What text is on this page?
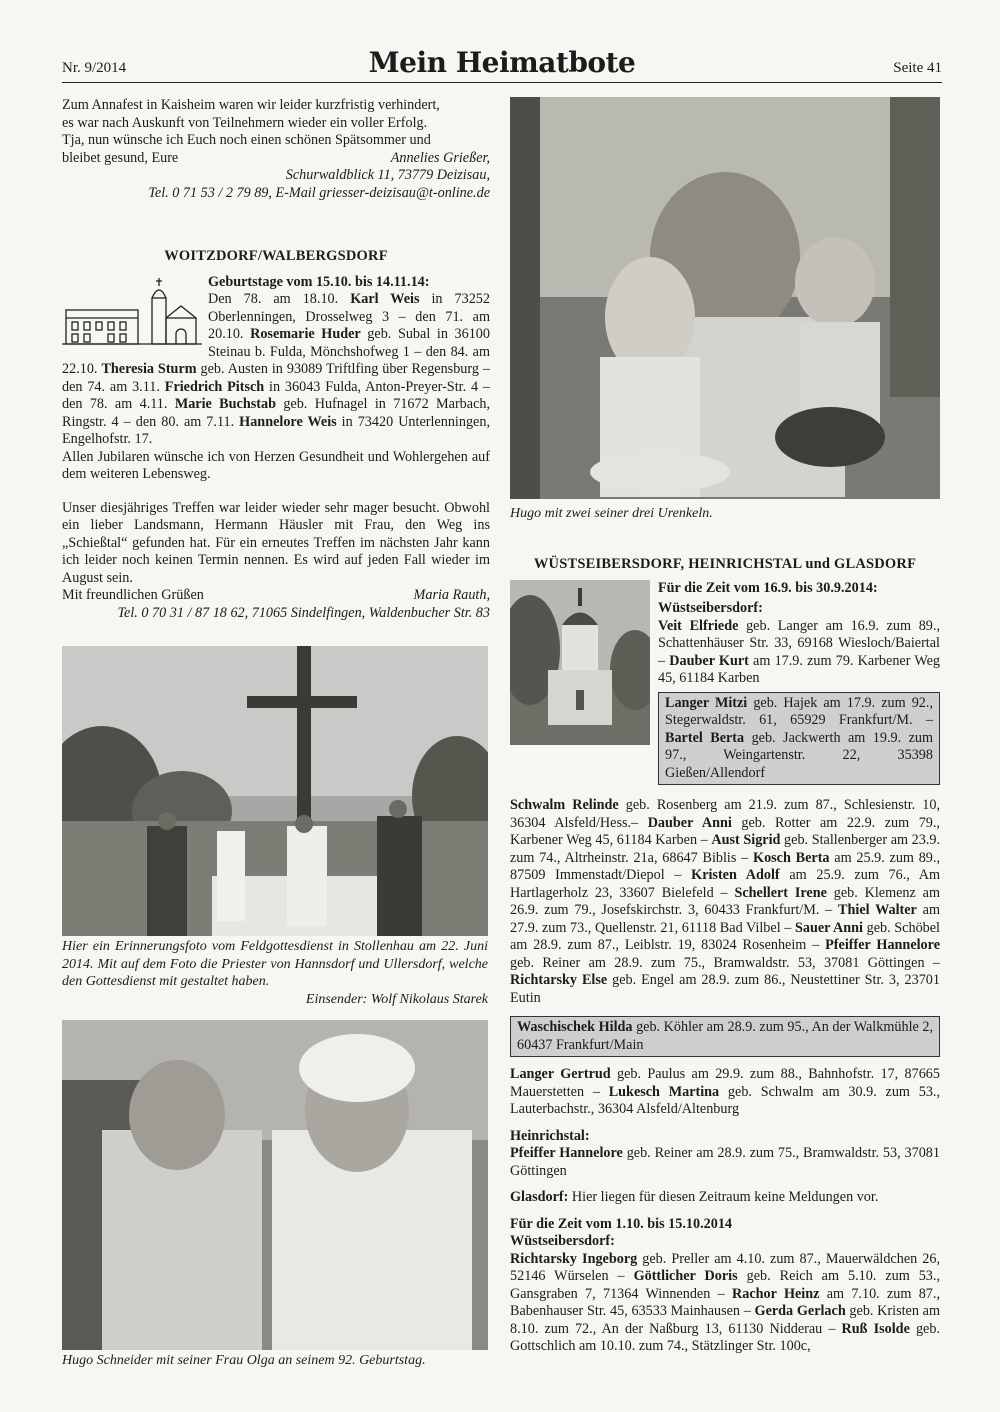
Nr. 9/2014	Mein Heimatbote	Seite 41

Zum Annafest in Kaisheim waren wir leider kurzfristig verhindert,

es war nach Auskunft von Teilnehmern wieder ein voller Erfolg.

Tja, nun wünsche ich Euch noch einen schönen Spätsommer und

bleibet gesund, Eure	Annelies Grießer,

Schurwaldblick 11, 73779 Deizisau,

Tel. 0 71 53 / 2 79 89, E-Mail griesser-deizisau@t-online.de

WOITZDORF/WALBERGSDORF

Geburtstage vom 15.10. bis 14.11.14:

Den 78. am 18.10. Karl Weis in 73252 Oberlenningen, Drosselweg 3 – den 71. am 20.10. Rosemarie Huder geb. Subal in 36100 Steinau b. Fulda, Mönchshofweg 1 – den 84. am 22.10. Theresia Sturm geb. Austen in 93089 Triftlfing über Regensburg – den 74. am 3.11. Friedrich Pitsch in 36043 Fulda, Anton-Preyer-Str. 4 – den 78. am 4.11. Marie Buchstab geb. Hufnagel in 71672 Marbach, Ringstr. 4 – den 80. am 7.11. Hannelore Weis in 73420 Unterlenningen, Engelhofstr. 17.

Allen Jubilaren wünsche ich von Herzen Gesundheit und Wohlergehen auf dem weiteren Lebensweg.

Unser diesjähriges Treffen war leider wieder sehr mager besucht. Obwohl ein lieber Landsmann, Hermann Häusler mit Frau, den Weg ins „Schießtal“ gefunden hat. Für ein erneutes Treffen im nächsten Jahr kann ich leider noch keinen Termin nennen. Es wird auf jeden Fall wieder im August sein.

Mit freundlichen Grüßen	Maria Rauth,

Tel. 0 70 31 / 87 18 62, 71065 Sindelfingen, Waldenbucher Str. 83

Hier ein Erinnerungsfoto vom Feldgottesdienst in Stollenhau am 22. Juni 2014. Mit auf dem Foto die Priester von Hannsdorf und Ullersdorf, welche den Gottesdienst mit gestaltet haben.

Einsender: Wolf Nikolaus Starek

Hugo Schneider mit seiner Frau Olga an seinem 92. Geburtstag.
Hugo mit zwei seiner drei Urenkeln.

WÜSTSEIBERSDORF, HEINRICHSTAL und GLASDORF

Für die Zeit vom 16.9. bis 30.9.2014:

Wüstseibersdorf:

Veit Elfriede geb. Langer am 16.9. zum 89., Schattenhäuser Str. 33, 69168 Wiesloch/Baiertal – Dauber Kurt am 17.9. zum 79. Karbener Weg 45, 61184 Karben

Langer Mitzi geb. Hajek am 17.9. zum 92., Stegerwaldstr. 61, 65929 Frankfurt/M. – Bartel Berta geb. Jackwerth am 19.9. zum 97., Weingartenstr. 22, 35398 Gießen/Allendorf

Schwalm Relinde geb. Rosenberg am 21.9. zum 87., Schlesienstr. 10, 36304 Alsfeld/Hess.– Dauber Anni geb. Rotter am 22.9. zum 79., Karbener Weg 45, 61184 Karben – Aust Sigrid geb. Stallenberger am 23.9. zum 74., Altrheinstr. 21a, 68647 Biblis – Kosch Berta am 25.9. zum 89., 87509 Immenstadt/Diepol – Kristen Adolf am 25.9. zum 76., Am Hartlagerholz 23, 33607 Bielefeld – Schellert Irene geb. Klemenz am 26.9. zum 79., Josefskirchstr. 3, 60433 Frankfurt/M. – Thiel Walter am 27.9. zum 73., Quellenstr. 21, 61118 Bad Vilbel – Sauer Anni geb. Schöbel am 28.9. zum 87., Leiblstr. 19, 83024 Rosenheim – Pfeiffer Hannelore geb. Reiner am 28.9. zum 75., Bramwaldstr. 53, 37081 Göttingen – Richtarsky Else geb. Engel am 28.9. zum 86., Neustettiner Str. 3, 23701 Eutin

Waschischek Hilda geb. Köhler am 28.9. zum 95., An der Walkmühle 2, 60437 Frankfurt/Main

Langer Gertrud geb. Paulus am 29.9. zum 88., Bahnhofstr. 17, 87665 Mauerstetten – Lukesch Martina geb. Schwalm am 30.9. zum 53., Lauterbachstr., 36304 Alsfeld/Altenburg

Heinrichstal:

Pfeiffer Hannelore geb. Reiner am 28.9. zum 75., Bramwaldstr. 53, 37081 Göttingen

Glasdorf: Hier liegen für diesen Zeitraum keine Meldungen vor.

Für die Zeit vom 1.10. bis 15.10.2014

Wüstseibersdorf:

Richtarsky Ingeborg geb. Preller am 4.10. zum 87., Mauerwäldchen 26, 52146 Würselen – Göttlicher Doris geb. Reich am 5.10. zum 53., Gansgraben 7, 71364 Winnenden – Rachor Heinz am 7.10. zum 87., Babenhauser Str. 45, 63533 Mainhausen – Gerda Gerlach geb. Kristen am 8.10. zum 72., An der Naßburg 13, 61130 Nidderau – Ruß Isolde geb. Gottschlich am 10.10. zum 74., Stätzlinger Str. 100c,
